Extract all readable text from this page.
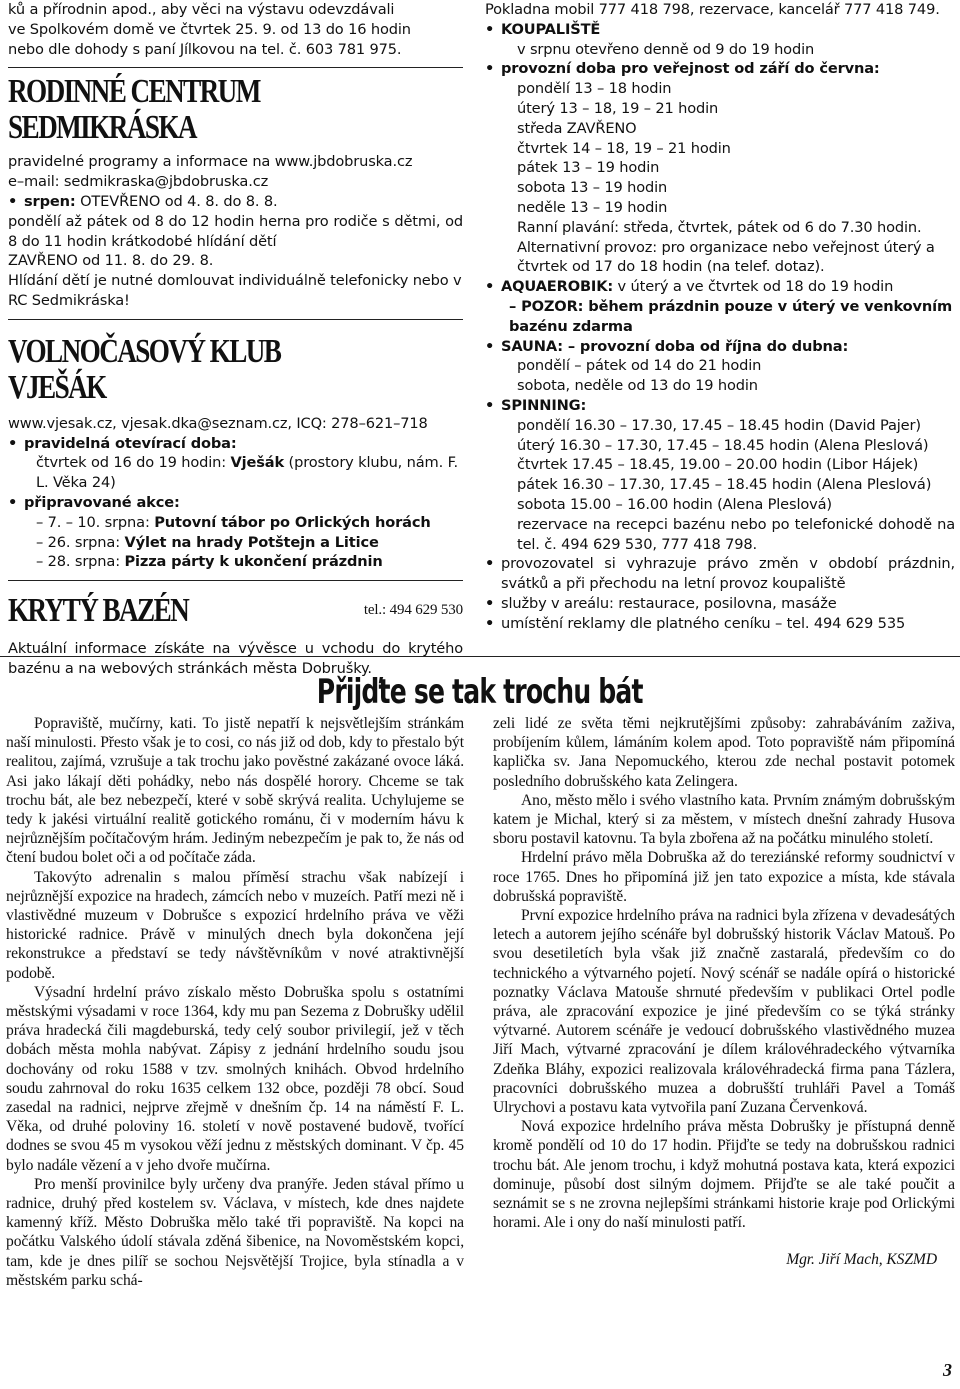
ků a přírodnin apod., aby věci na výstavu odevzdávali

ve Spolkovém domě ve čtvrtek 25. 9. od 13 do 16 hodin

nebo dle dohody s paní Jílkovou na tel. č. 603 781 975.

RODINNÉ CENTRUM SEDMIKRÁSKA

pravidelné programy a informace na www.jbdobruska.cz

e–mail: sedmikraska@jbdobruska.cz

• srpen: OTEVŘENO od 4. 8. do 8. 8.

pondělí až pátek od 8 do 12 hodin herna pro rodiče s dětmi, od 8 do 11 hodin krátkodobé hlídání dětí

ZAVŘENO od 11. 8. do 29. 8.

Hlídání dětí je nutné domlouvat individuálně telefonicky nebo v RC Sedmikráska!

VOLNOČASOVÝ KLUB VJEŠÁK

www.vjesak.cz, vjesak.dka@seznam.cz, ICQ: 278–621–718

• pravidelná otevírací doba:

čtvrtek od 16 do 19 hodin: Vješák (prostory klubu, nám. F. L. Věka 24)

• připravované akce:

– 7. – 10. srpna: Putovní tábor po Orlických horách

– 26. srpna: Výlet na hrady Potštejn a Litice

– 28. srpna: Pizza párty k ukončení prázdnin

KRYTÝ BAZÉN	tel.: 494 629 530

Aktuální informace získáte na vývěsce u vchodu do krytého bazénu a na webových stránkách města Dobrušky.

Pokladna mobil 777 418 798, rezervace, kancelář 777 418 749.

• KOUPALIŠTĚ

v srpnu otevřeno denně od 9 do 19 hodin

• provozní doba pro veřejnost od září do června:

pondělí 13 – 18 hodin

úterý 13 – 18, 19 – 21 hodin

středa ZAVŘENO

čtvrtek 14 – 18, 19 – 21 hodin

pátek 13 – 19 hodin

sobota 13 – 19 hodin

neděle 13 – 19 hodin

Ranní plavání: středa, čtvrtek, pátek od 6 do 7.30 hodin.

Alternativní provoz: pro organizace nebo veřejnost úterý a čtvrtek od 17 do 18 hodin (na telef. dotaz).

• AQUAEROBIK: v úterý a ve čtvrtek od 18 do 19 hodin

– POZOR: během prázdnin pouze v úterý ve venkovním bazénu zdarma

• SAUNA: – provozní doba od října do dubna:

pondělí – pátek od 14 do 21 hodin

sobota, neděle od 13 do 19 hodin

• SPINNING:

pondělí 16.30 – 17.30, 17.45 – 18.45 hodin (David Pajer)

úterý 16.30 – 17.30, 17.45 – 18.45 hodin (Alena Pleslová)

čtvrtek 17.45 – 18.45, 19.00 – 20.00 hodin (Libor Hájek)

pátek 16.30 – 17.30, 17.45 – 18.45 hodin (Alena Pleslová)

sobota 15.00 – 16.00 hodin (Alena Pleslová)

rezervace na recepci bazénu nebo po telefonické dohodě na tel. č. 494 629 530, 777 418 798.

• provozovatel si vyhrazuje právo změn v období prázdnin, svátků a při přechodu na letní provoz koupaliště

• služby v areálu: restaurace, posilovna, masáže

• umístění reklamy dle platného ceníku – tel. 494 629 535

Přijďte se tak trochu bát

Popraviště, mučírny, kati. To jistě nepatří k nejsvětlejším stránkám naší minulosti. Přesto však je to cosi, co nás již od dob, kdy to přestalo být realitou, zajímá, vzrušuje a tak trochu jako pověstné zakázané ovoce láká. Asi jako lákají děti pohádky, nebo nás dospělé horory. Chceme se tak trochu bát, ale bez nebezpečí, které v sobě skrývá realita. Uchylujeme se tedy k jakési virtuální realitě gotického románu, či v moderním hávu k nejrůznějším počítačovým hrám. Jediným nebezpečím je pak to, že nás od čtení budou bolet oči a od počítače záda.

Takovýto adrenalin s malou příměsí strachu však nabízejí i nejrůznější expozice na hradech, zámcích nebo v muzeích. Patří mezi ně i vlastivědné muzeum v Dobrušce s expozicí hrdelního práva ve věži historické radnice. Právě v minulých dnech byla dokončena její rekonstrukce a představí se tedy návštěvníkům v nové atraktivnější podobě.

Výsadní hrdelní právo získalo město Dobruška spolu s ostatními městskými výsadami v roce 1364, kdy mu pan Sezema z Dobrušky udělil práva hradecká čili magdeburská, tedy celý soubor privilegií, jež v těch dobách města mohla nabývat. Zápisy z jednání hrdelního soudu jsou dochovány od roku 1588 v tzv. smolných knihách. Obvod hrdelního soudu zahrnoval do roku 1635 celkem 132 obce, později 78 obcí. Soud zasedal na radnici, nejprve zřejmě v dnešním čp. 14 na náměstí F. L. Věka, od druhé poloviny 16. století v nově postavené budově, tvořící dodnes se svou 45 m vysokou věží jednu z městských dominant. V čp. 45 bylo nadále vězení a v jeho dvoře mučírna.

Pro menší provinilce byly určeny dva pranýře. Jeden stával přímo u radnice, druhý před kostelem sv. Václava, v místech, kde dnes najdete kamenný kříž. Město Dobruška mělo také tři popraviště. Na kopci na počátku Valského údolí stávala zděná šibenice, na Novoměstském kopci, tam, kde je dnes pilíř se sochou Nejsvětější Trojice, byla stínadla a v městském parku schá-

zeli lidé ze světa těmi nejkrutějšími způsoby: zahrabáváním zaživa, probíjením kůlem, lámáním kolem apod. Toto popraviště nám připomíná kaplička sv. Jana Nepomuckého, kterou zde nechal postavit potomek posledního dobrušského kata Zelingera.

Ano, město mělo i svého vlastního kata. Prvním známým dobrušským katem je Michal, který si za městem, v místech dnešní zahrady Husova sboru postavil katovnu. Ta byla zbořena až na počátku minulého století.

Hrdelní právo měla Dobruška až do tereziánské reformy soudnictví v roce 1765. Dnes ho připomíná již jen tato expozice a místa, kde stávala dobrušská popraviště.

První expozice hrdelního práva na radnici byla zřízena v devadesátých letech a autorem jejího scénáře byl dobrušský historik Václav Matouš. Po svou desetiletích byla však již značně zastaralá, především co do technického a výtvarného pojetí. Nový scénář se nadále opírá o historické poznatky Václava Matouše shrnuté především v publikaci Ortel podle práva, ale zpracování expozice je jiné především co se týká stránky výtvarné. Autorem scénáře je vedoucí dobrušského vlastivědného muzea Jiří Mach, výtvarné zpracování je dílem královéhradeckého výtvarníka Zdeňka Bláhy, expozici realizovala královéhradecká firma pana Tázlera, pracovníci dobrušského muzea a dobrušští truhláři Pavel a Tomáš Ulrychovi a postavu kata vytvořila paní Zuzana Červenková.

Nová expozice hrdelního práva města Dobrušky je přístupná denně kromě pondělí od 10 do 17 hodin. Přijďte se tedy na dobrušskou radnici trochu bát. Ale jenom trochu, i když mohutná postava kata, která expozici dominuje, působí dost silným dojmem. Přijďte se ale také poučit a seznámit se s ne zrovna nejlepšími stránkami historie kraje pod Orlickými horami. Ale i ony do naší minulosti patří.

Mgr. Jiří Mach, KSZMD
3
